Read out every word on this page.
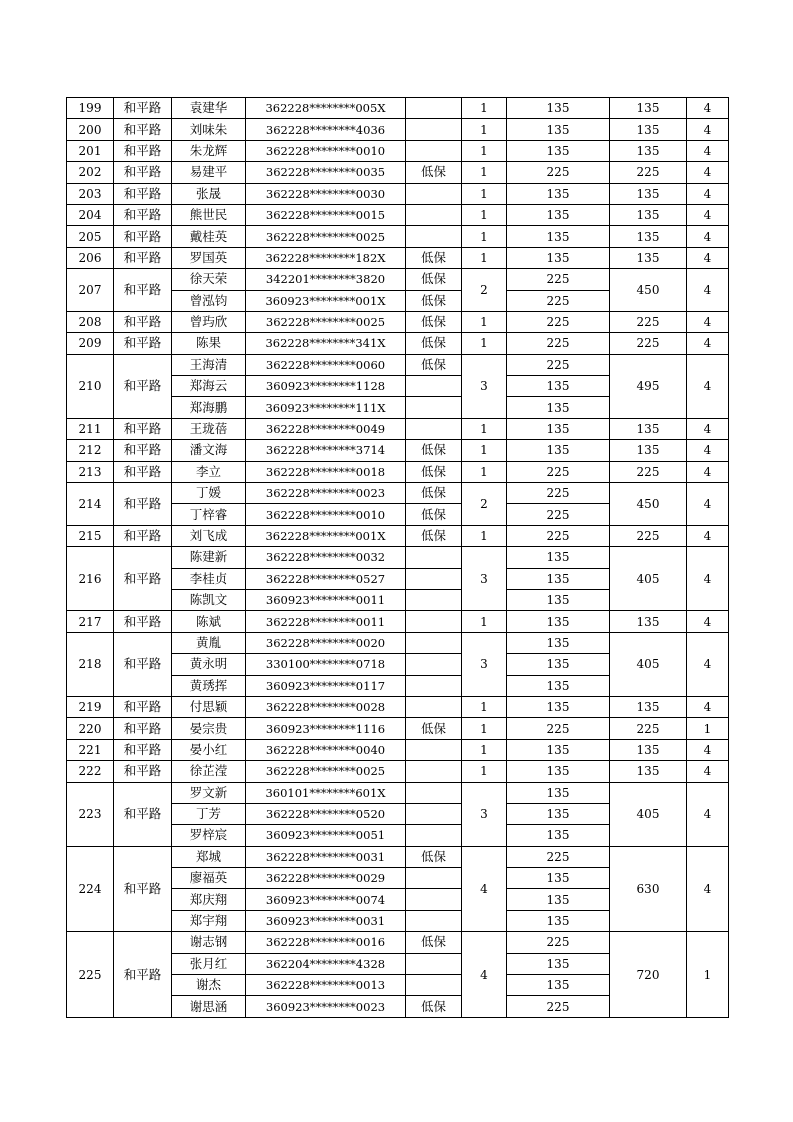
199	和平路	袁建华	362228********005X		1	135	135	4
200	和平路	刘味朱	362228********4036		1	135	135	4
201	和平路	朱龙辉	362228********0010		1	135	135	4
202	和平路	易建平	362228********0035	低保	1	225	225	4
203	和平路	张晟	362228********0030		1	135	135	4
204	和平路	熊世民	362228********0015		1	135	135	4
205	和平路	戴桂英	362228********0025		1	135	135	4
206	和平路	罗国英	362228********182X	低保	1	135	135	4
207	和平路	徐天荣	342201********3820	低保	2	225	450	4
		曾泓钧	360923********001X	低保		225		
208	和平路	曾玙欣	362228********0025	低保	1	225	225	4
209	和平路	陈果	362228********341X	低保	1	225	225	4
210	和平路	王海清	362228********0060	低保	3	225	495	4
		郑海云	360923********1128			135		
		郑海鹏	360923********111X			135		
211	和平路	王珑蓓	362228********0049		1	135	135	4
212	和平路	潘文海	362228********3714	低保	1	135	135	4
213	和平路	李立	362228********0018	低保	1	225	225	4
214	和平路	丁媛	362228********0023	低保	2	225	450	4
		丁梓睿	362228********0010	低保		225		
215	和平路	刘飞成	362228********001X	低保	1	225	225	4
216	和平路	陈建新	362228********0032		3	135	405	4
		李桂贞	362228********0527			135		
		陈凯文	360923********0011			135		
217	和平路	陈斌	362228********0011		1	135	135	4
218	和平路	黄胤	362228********0020		3	135	405	4
		黄永明	330100********0718			135		
		黄琇挥	360923********0117			135		
219	和平路	付思颖	362228********0028		1	135	135	4
220	和平路	晏宗贵	360923********1116	低保	1	225	225	1
221	和平路	晏小红	362228********0040		1	135	135	4
222	和平路	徐芷滢	362228********0025		1	135	135	4
223	和平路	罗文新	360101********601X		3	135	405	4
		丁芳	362228********0520			135		
		罗梓宸	360923********0051			135		
224	和平路	郑城	362228********0031	低保	4	225	630	4
		廖福英	362228********0029			135		
		郑庆翔	360923********0074			135		
		郑宇翔	360923********0031			135		
225	和平路	谢志钢	362228********0016	低保	4	225	720	1
		张月红	362204********4328			135		
		谢杰	362228********0013			135		
		谢思涵	360923********0023	低保		225		
